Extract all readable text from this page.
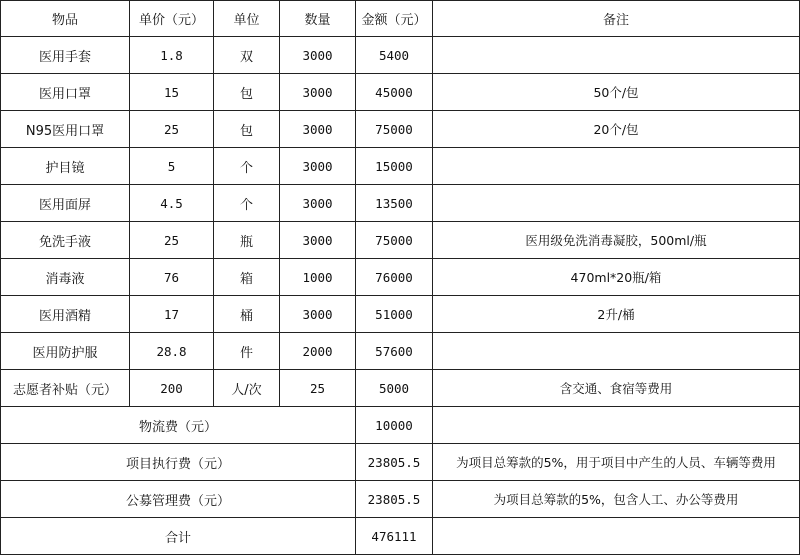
物品	单价（元）	单位	数量	金额（元）	备注
医用手套	1.8	双	3000	5400	
医用口罩	15	包	3000	45000	50个/包
N95医用口罩	25	包	3000	75000	20个/包
护目镜	5	个	3000	15000	
医用面屏	4.5	个	3000	13500	
免洗手液	25	瓶	3000	75000	医用级免洗消毒凝胶，500ml/瓶
消毒液	76	箱	1000	76000	470ml*20瓶/箱
医用酒精	17	桶	3000	51000	2升/桶
医用防护服	28.8	件	2000	57600	
志愿者补贴（元）	200	人/次	25	5000	含交通、食宿等费用
物流费（元）				10000	
项目执行费（元）				23805.5	为项目总筹款的5%，用于项目中产生的人员、车辆等费用
公募管理费（元）				23805.5	为项目总筹款的5%，包含人工、办公等费用
合计				476111	
